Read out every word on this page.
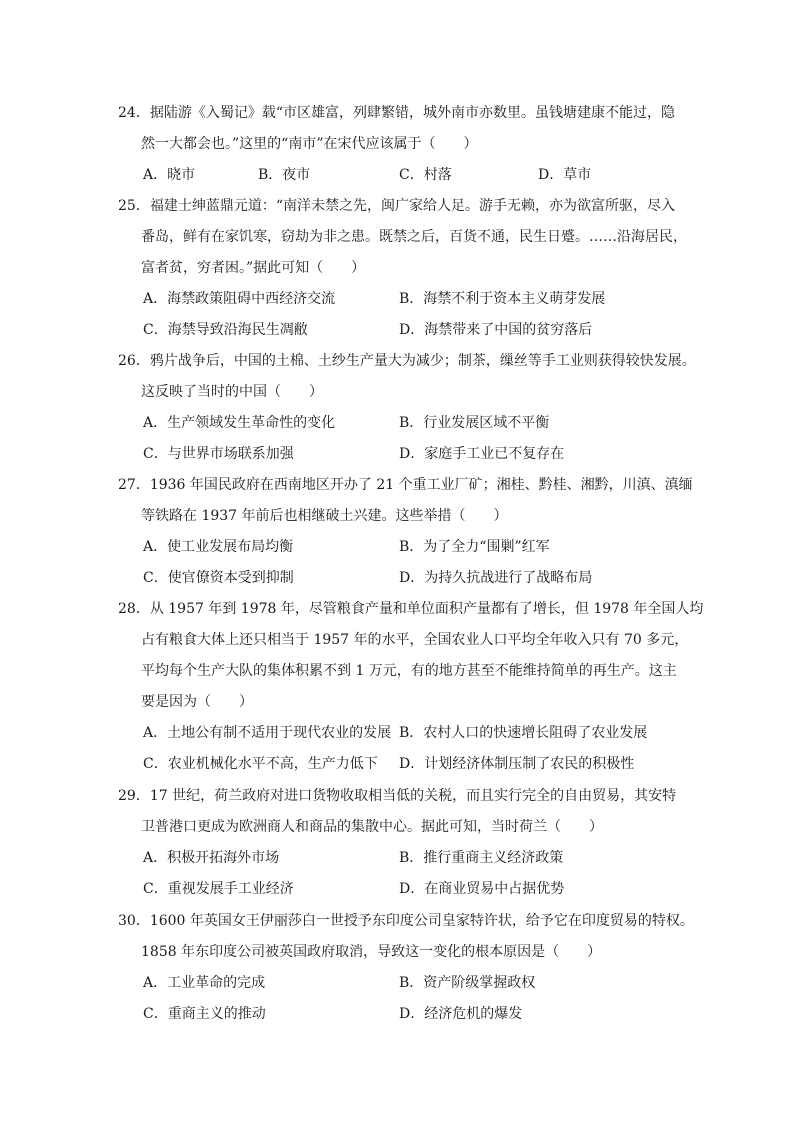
24．据陆游《入蜀记》载“市区雄富，列肆繁错，城外南市亦数里。虽钱塘建康不能过，隐
然一大都会也。”这里的“南市”在宋代应该属于（　　）
A．晓市	B．夜市	C．村落	D．草市
25．福建士绅蓝鼎元道：“南洋未禁之先，闽广家给人足。游手无赖，亦为欲富所驱，尽入
番岛，鲜有在家饥寒，窃劫为非之患。既禁之后，百货不通，民生日蹙。……沿海居民，
富者贫，穷者困。”据此可知（　　）
A．海禁政策阻碍中西经济交流	B．海禁不利于资本主义萌芽发展
C．海禁导致沿海民生凋敝	D．海禁带来了中国的贫穷落后
26．鸦片战争后，中国的土棉、土纱生产量大为减少；制茶，缫丝等手工业则获得较快发展。
这反映了当时的中国（　　）
A．生产领域发生革命性的变化	B．行业发展区域不平衡
C．与世界市场联系加强	D．家庭手工业已不复存在
27．1936 年国民政府在西南地区开办了 21 个重工业厂矿；湘桂、黔桂、湘黔，川滇、滇缅
等铁路在 1937 年前后也相继破土兴建。这些举措（　　）
A．使工业发展布局均衡	B．为了全力“围剿”红军
C．使官僚资本受到抑制	D．为持久抗战进行了战略布局
28．从 1957 年到 1978 年，尽管粮食产量和单位面积产量都有了增长，但 1978 年全国人均
占有粮食大体上还只相当于 1957 年的水平，全国农业人口平均全年收入只有 70 多元，
平均每个生产大队的集体积累不到 1 万元，有的地方甚至不能维持简单的再生产。这主
要是因为（　　）
A．土地公有制不适用于现代农业的发展 B．农村人口的快速增长阻碍了农业发展
C．农业机械化水平不高，生产力低下 D．计划经济体制压制了农民的积极性
29．17 世纪，荷兰政府对进口货物收取相当低的关税，而且实行完全的自由贸易，其安特
卫普港口更成为欧洲商人和商品的集散中心。据此可知，当时荷兰（　　）
A．积极开拓海外市场	B．推行重商主义经济政策
C．重视发展手工业经济	D．在商业贸易中占据优势
30．1600 年英国女王伊丽莎白一世授予东印度公司皇家特许状，给予它在印度贸易的特权。
1858 年东印度公司被英国政府取消，导致这一变化的根本原因是（　　）
A．工业革命的完成	B．资产阶级掌握政权
C．重商主义的推动	D．经济危机的爆发
